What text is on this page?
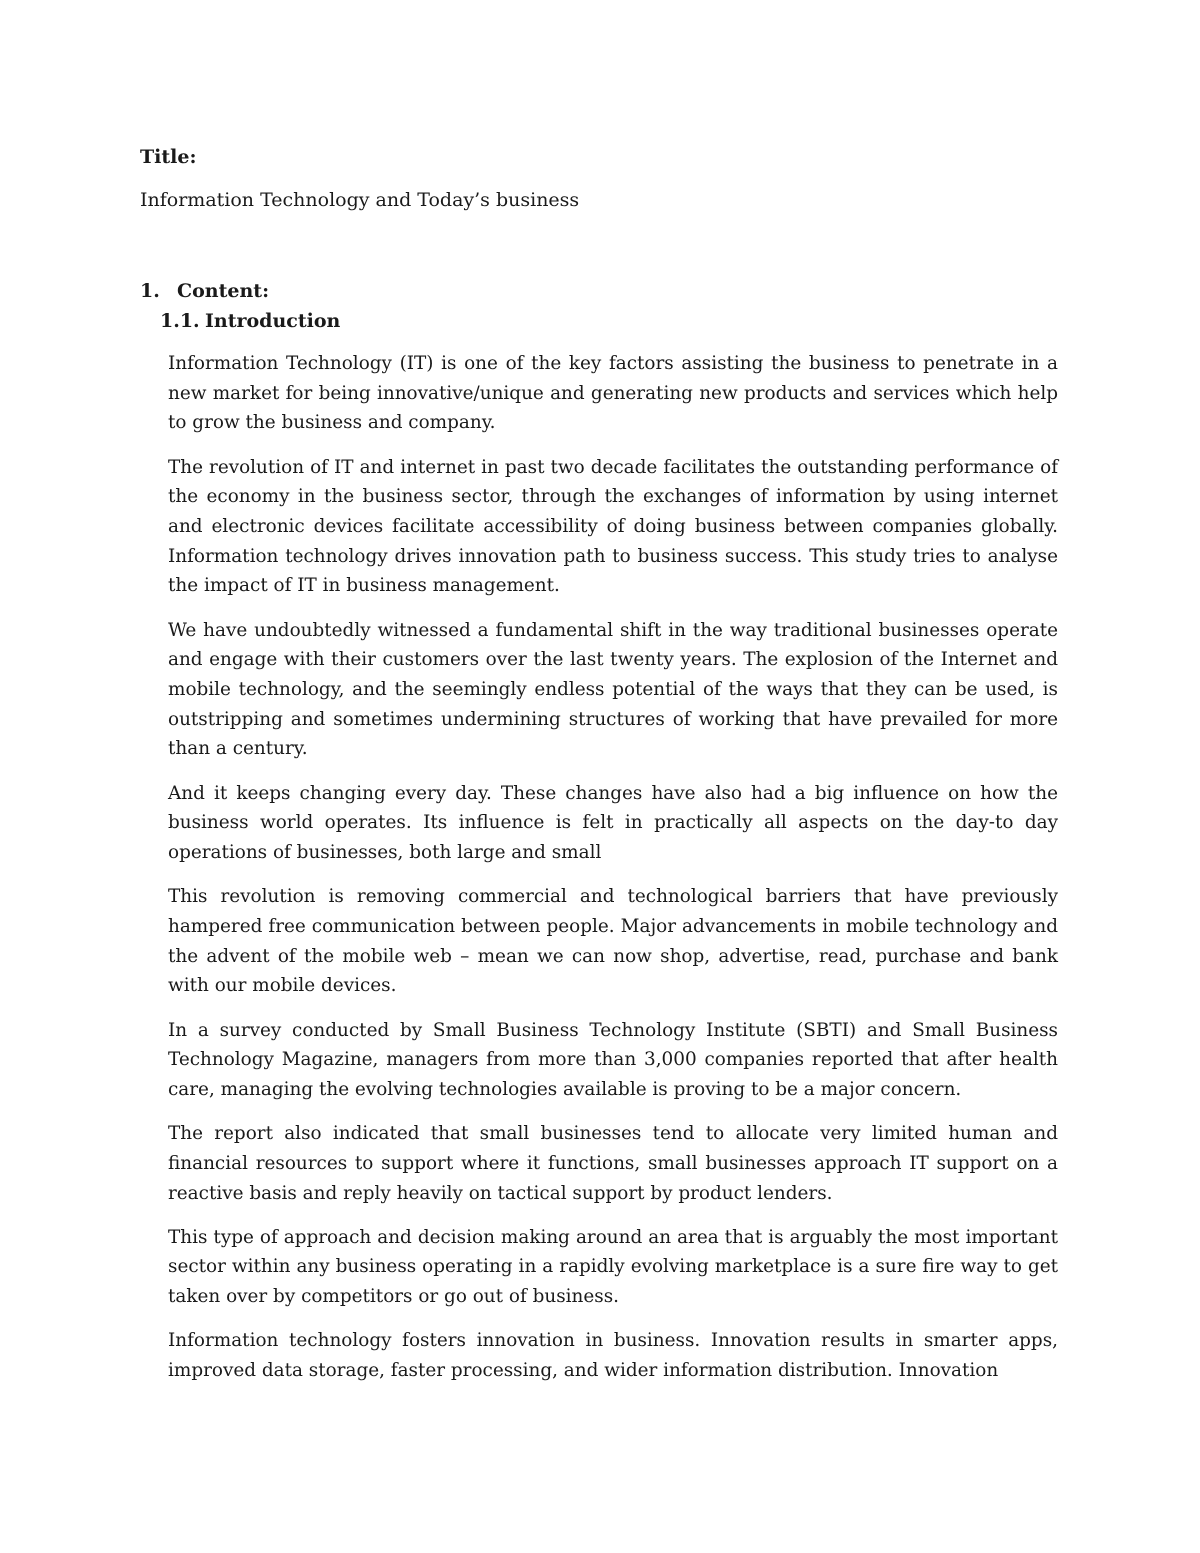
Title:

Information Technology and Today’s business

1. Content:
1.1. Introduction

Information Technology (IT) is one of the key factors assisting the business to penetrate in a new market for being innovative/unique and generating new products and services which help to grow the business and company.

The revolution of IT and internet in past two decade facilitates the outstanding performance of the economy in the business sector, through the exchanges of information by using internet and electronic devices facilitate accessibility of doing business between companies globally. Information technology drives innovation path to business success. This study tries to analyse the impact of IT in business management.

We have undoubtedly witnessed a fundamental shift in the way traditional businesses operate and engage with their customers over the last twenty years. The explosion of the Internet and mobile technology, and the seemingly endless potential of the ways that they can be used, is outstripping and sometimes undermining structures of working that have prevailed for more than a century.

And it keeps changing every day. These changes have also had a big influence on how the business world operates. Its influence is felt in practically all aspects on the day-to day operations of businesses, both large and small

This revolution is removing commercial and technological barriers that have previously hampered free communication between people. Major advancements in mobile technology and the advent of the mobile web – mean we can now shop, advertise, read, purchase and bank with our mobile devices.

In a survey conducted by Small Business Technology Institute (SBTI) and Small Business Technology Magazine, managers from more than 3,000 companies reported that after health care, managing the evolving technologies available is proving to be a major concern.

The report also indicated that small businesses tend to allocate very limited human and financial resources to support where it functions, small businesses approach IT support on a reactive basis and reply heavily on tactical support by product lenders.

This type of approach and decision making around an area that is arguably the most important sector within any business operating in a rapidly evolving marketplace is a sure fire way to get taken over by competitors or go out of business.

Information technology fosters innovation in business. Innovation results in smarter apps, improved data storage, faster processing, and wider information distribution. Innovation
